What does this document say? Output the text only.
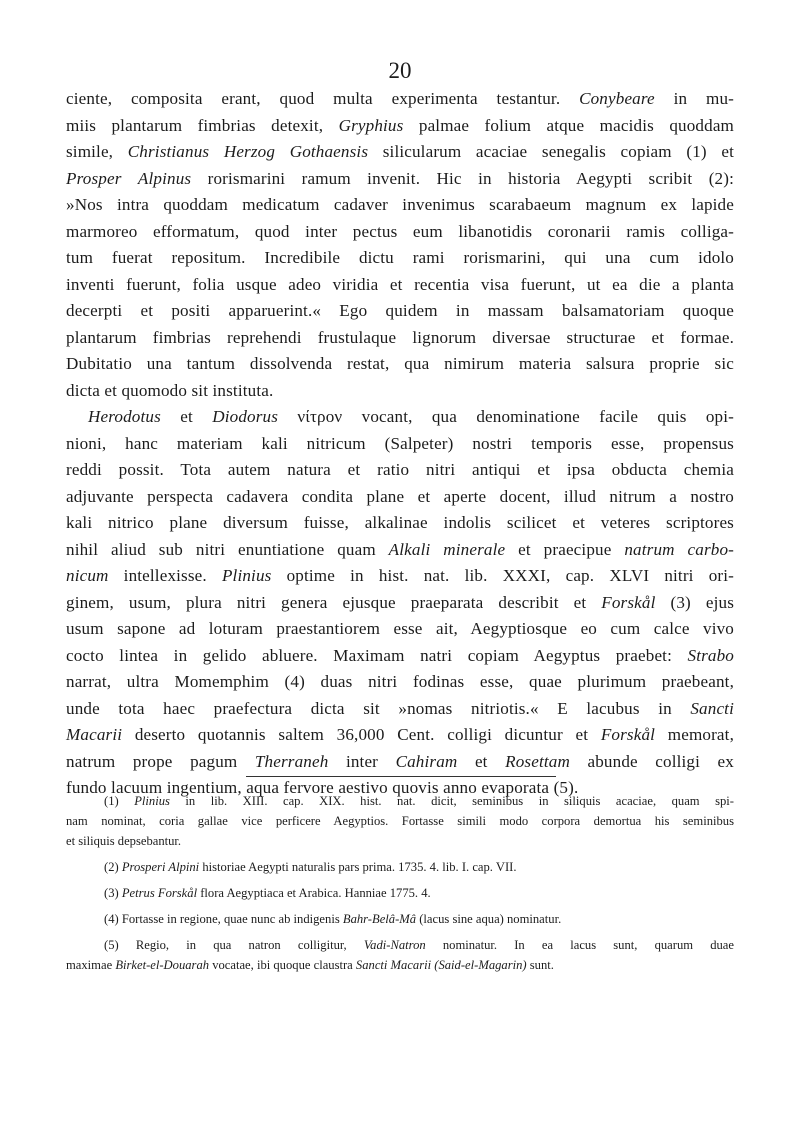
20
ciente, composita erant, quod multa experimenta testantur. Conybeare in mu-
miis plantarum fimbrias detexit, Gryphius palmae folium atque macidis quoddam
simile, Christianus Herzog Gothaensis silicularum acaciae senegalis copiam (1) et
Prosper Alpinus rorismarini ramum invenit. Hic in historia Aegypti scribit (2):
»Nos intra quoddam medicatum cadaver invenimus scarabaeum magnum ex lapide
marmoreo efformatum, quod inter pectus eum libanotidis coronarii ramis colliga-
tum fuerat repositum. Incredibile dictu rami rorismarini, qui una cum idolo
inventi fuerunt, folia usque adeo viridia et recentia visa fuerunt, ut ea die a planta
decerpti et positi apparuerint.« Ego quidem in massam balsamatoriam quoque
plantarum fimbrias reprehendi frustulaque lignorum diversae structurae et formae.
Dubitatio una tantum dissolvenda restat, qua nimirum materia salsura proprie sic
dicta et quomodo sit instituta.
Herodotus et Diodorus νίτρον vocant, qua denominatione facile quis opi-
nioni, hanc materiam kali nitricum (Salpeter) nostri temporis esse, propensus
reddi possit. Tota autem natura et ratio nitri antiqui et ipsa obducta chemia
adjuvante perspecta cadavera condita plane et aperte docent, illud nitrum a nostro
kali nitrico plane diversum fuisse, alkalinae indolis scilicet et veteres scriptores
nihil aliud sub nitri enuntiatione quam Alkali minerale et praecipue natrum carbo-
nicum intellexisse. Plinius optime in hist. nat. lib. XXXI, cap. XLVI nitri ori-
ginem, usum, plura nitri genera ejusque praeparata describit et Forskål (3) ejus
usum sapone ad loturam praestantiorem esse ait, Aegyptiosque eo cum calce vivo
cocto lintea in gelido abluere. Maximam natri copiam Aegyptus praebet: Strabo
narrat, ultra Momemphim (4) duas nitri fodinas esse, quae plurimum praebeant,
unde tota haec praefectura dicta sit »nomas nitriotis.« E lacubus in Sancti
Macarii deserto quotannis saltem 36,000 Cent. colligi dicuntur et Forskål memorat,
natrum prope pagum Therraneh inter Cahiram et Rosettam abunde colligi ex
fundo lacuum ingentium, aqua fervore aestivo quovis anno evaporata (5).
(1) Plinius in lib. XIII. cap. XIX. hist. nat. dicit, seminibus in siliquis acaciae, quam spi-
nam nominat, coria gallae vice perficere Aegyptios. Fortasse simili modo corpora demortua his seminibus
et siliquis depsebantur.
(2) Prosperi Alpini historiae Aegypti naturalis pars prima. 1735. 4. lib. I. cap. VII.
(3) Petrus Forskål flora Aegyptiaca et Arabica. Hanniae 1775. 4.
(4) Fortasse in regione, quae nunc ab indigenis Bahr-Belâ-Mâ (lacus sine aqua) nominatur.
(5) Regio, in qua natron colligitur, Vadi-Natron nominatur. In ea lacus sunt, quarum duae
maximae Birket-el-Douarah vocatae, ibi quoque claustra Sancti Macarii (Said-el-Magarin) sunt.
